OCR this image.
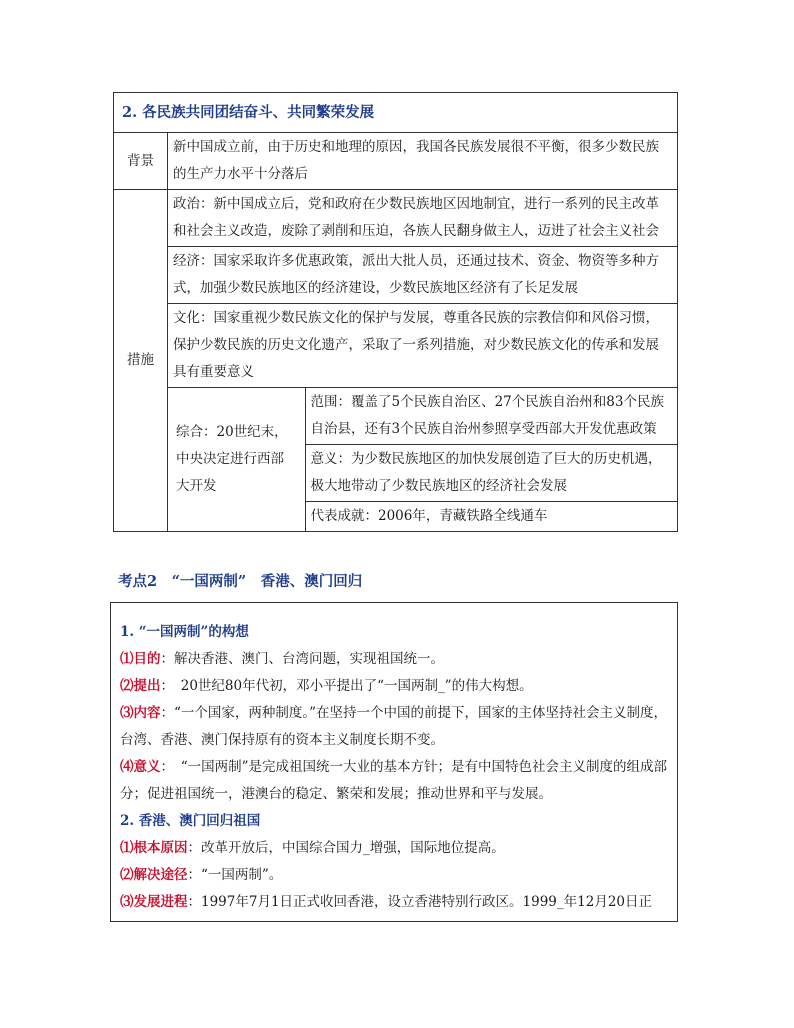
2. 各民族共同团结奋斗、共同繁荣发展
背景	新中国成立前，由于历史和地理的原因，我国各民族发展很不平衡，很多少数民族的生产力水平十分落后
措施	政治：新中国成立后，党和政府在少数民族地区因地制宜，进行一系列的民主改革和社会主义改造，废除了剥削和压迫，各族人民翻身做主人，迈进了社会主义社会
经济：国家采取许多优惠政策，派出大批人员，还通过技术、资金、物资等多种方式，加强少数民族地区的经济建设，少数民族地区经济有了长足发展
文化：国家重视少数民族文化的保护与发展，尊重各民族的宗教信仰和风俗习惯，保护少数民族的历史文化遗产，采取了一系列措施，对少数民族文化的传承和发展具有重要意义

综合：20世纪末，中央决定进行西部大开发	范围：覆盖了5个民族自治区、27个民族自治州和83个民族自治县，还有3个民族自治州参照享受西部大开发优惠政策
意义：为少数民族地区的加快发展创造了巨大的历史机遇，极大地带动了少数民族地区的经济社会发展
代表成就：2006年，青藏铁路全线通车
考点2　“一国两制”　香港、澳门回归

1. “一国两制”的构想

⑴目的：解决香港、澳门、台湾问题，实现祖国统一。

⑵提出：　20世纪80年代初，邓小平提出了“一国两制_”的伟大构想。

⑶内容：“一个国家，两种制度。”在坚持一个中国的前提下，国家的主体坚持社会主义制度，台湾、香港、澳门保持原有的资本主义制度长期不变。

⑷意义：　“一国两制”是完成祖国统一大业的基本方针；是有中国特色社会主义制度的组成部分；促进祖国统一，港澳台的稳定、繁荣和发展；推动世界和平与发展。

2. 香港、澳门回归祖国

⑴根本原因：改革开放后，中国综合国力_增强，国际地位提高。

⑵解决途径：“一国两制”。

⑶发展进程：1997年7月1日正式收回香港，设立香港特别行政区。1999_年12月20日正
